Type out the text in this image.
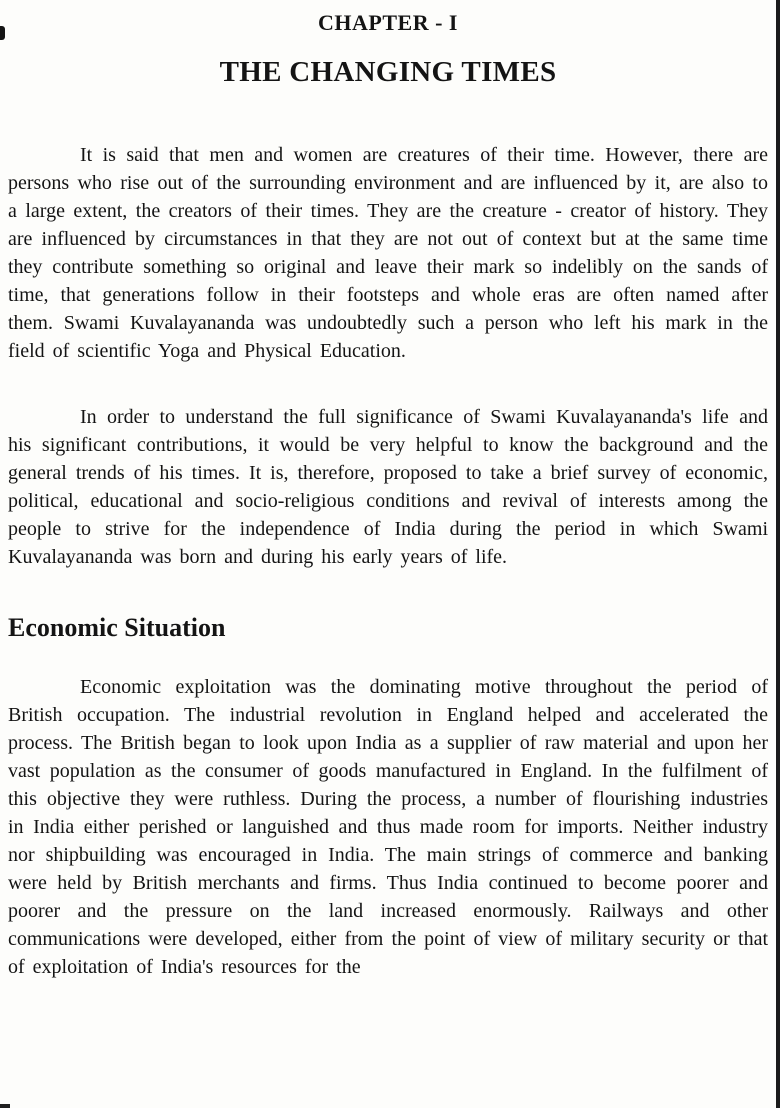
CHAPTER - I
THE CHANGING TIMES

It is said that men and women are creatures of their time. However, there are persons who rise out of the surrounding environment and are influenced by it, are also to a large extent, the creators of their times. They are the creature - creator of history. They are influenced by circumstances in that they are not out of context but at the same time they contribute something so original and leave their mark so indelibly on the sands of time, that generations follow in their footsteps and whole eras are often named after them. Swami Kuvalayananda was undoubtedly such a person who left his mark in the field of scientific Yoga and Physical Education.

In order to understand the full significance of Swami Kuvalayananda's life and his significant contributions, it would be very helpful to know the background and the general trends of his times. It is, therefore, proposed to take a brief survey of economic, political, educational and socio-religious conditions and revival of interests among the people to strive for the independence of India during the period in which Swami Kuvalayananda was born and during his early years of life.

Economic Situation

Economic exploitation was the dominating motive throughout the period of British occupation. The industrial revolution in England helped and accelerated the process. The British began to look upon India as a supplier of raw material and upon her vast population as the consumer of goods manufactured in England. In the fulfilment of this objective they were ruthless. During the process, a number of flourishing industries in India either perished or languished and thus made room for imports. Neither industry nor shipbuilding was encouraged in India. The main strings of commerce and banking were held by British merchants and firms. Thus India continued to become poorer and poorer and the pressure on the land increased enormously. Railways and other communications were developed, either from the point of view of military security or that of exploitation of India's resources for the
